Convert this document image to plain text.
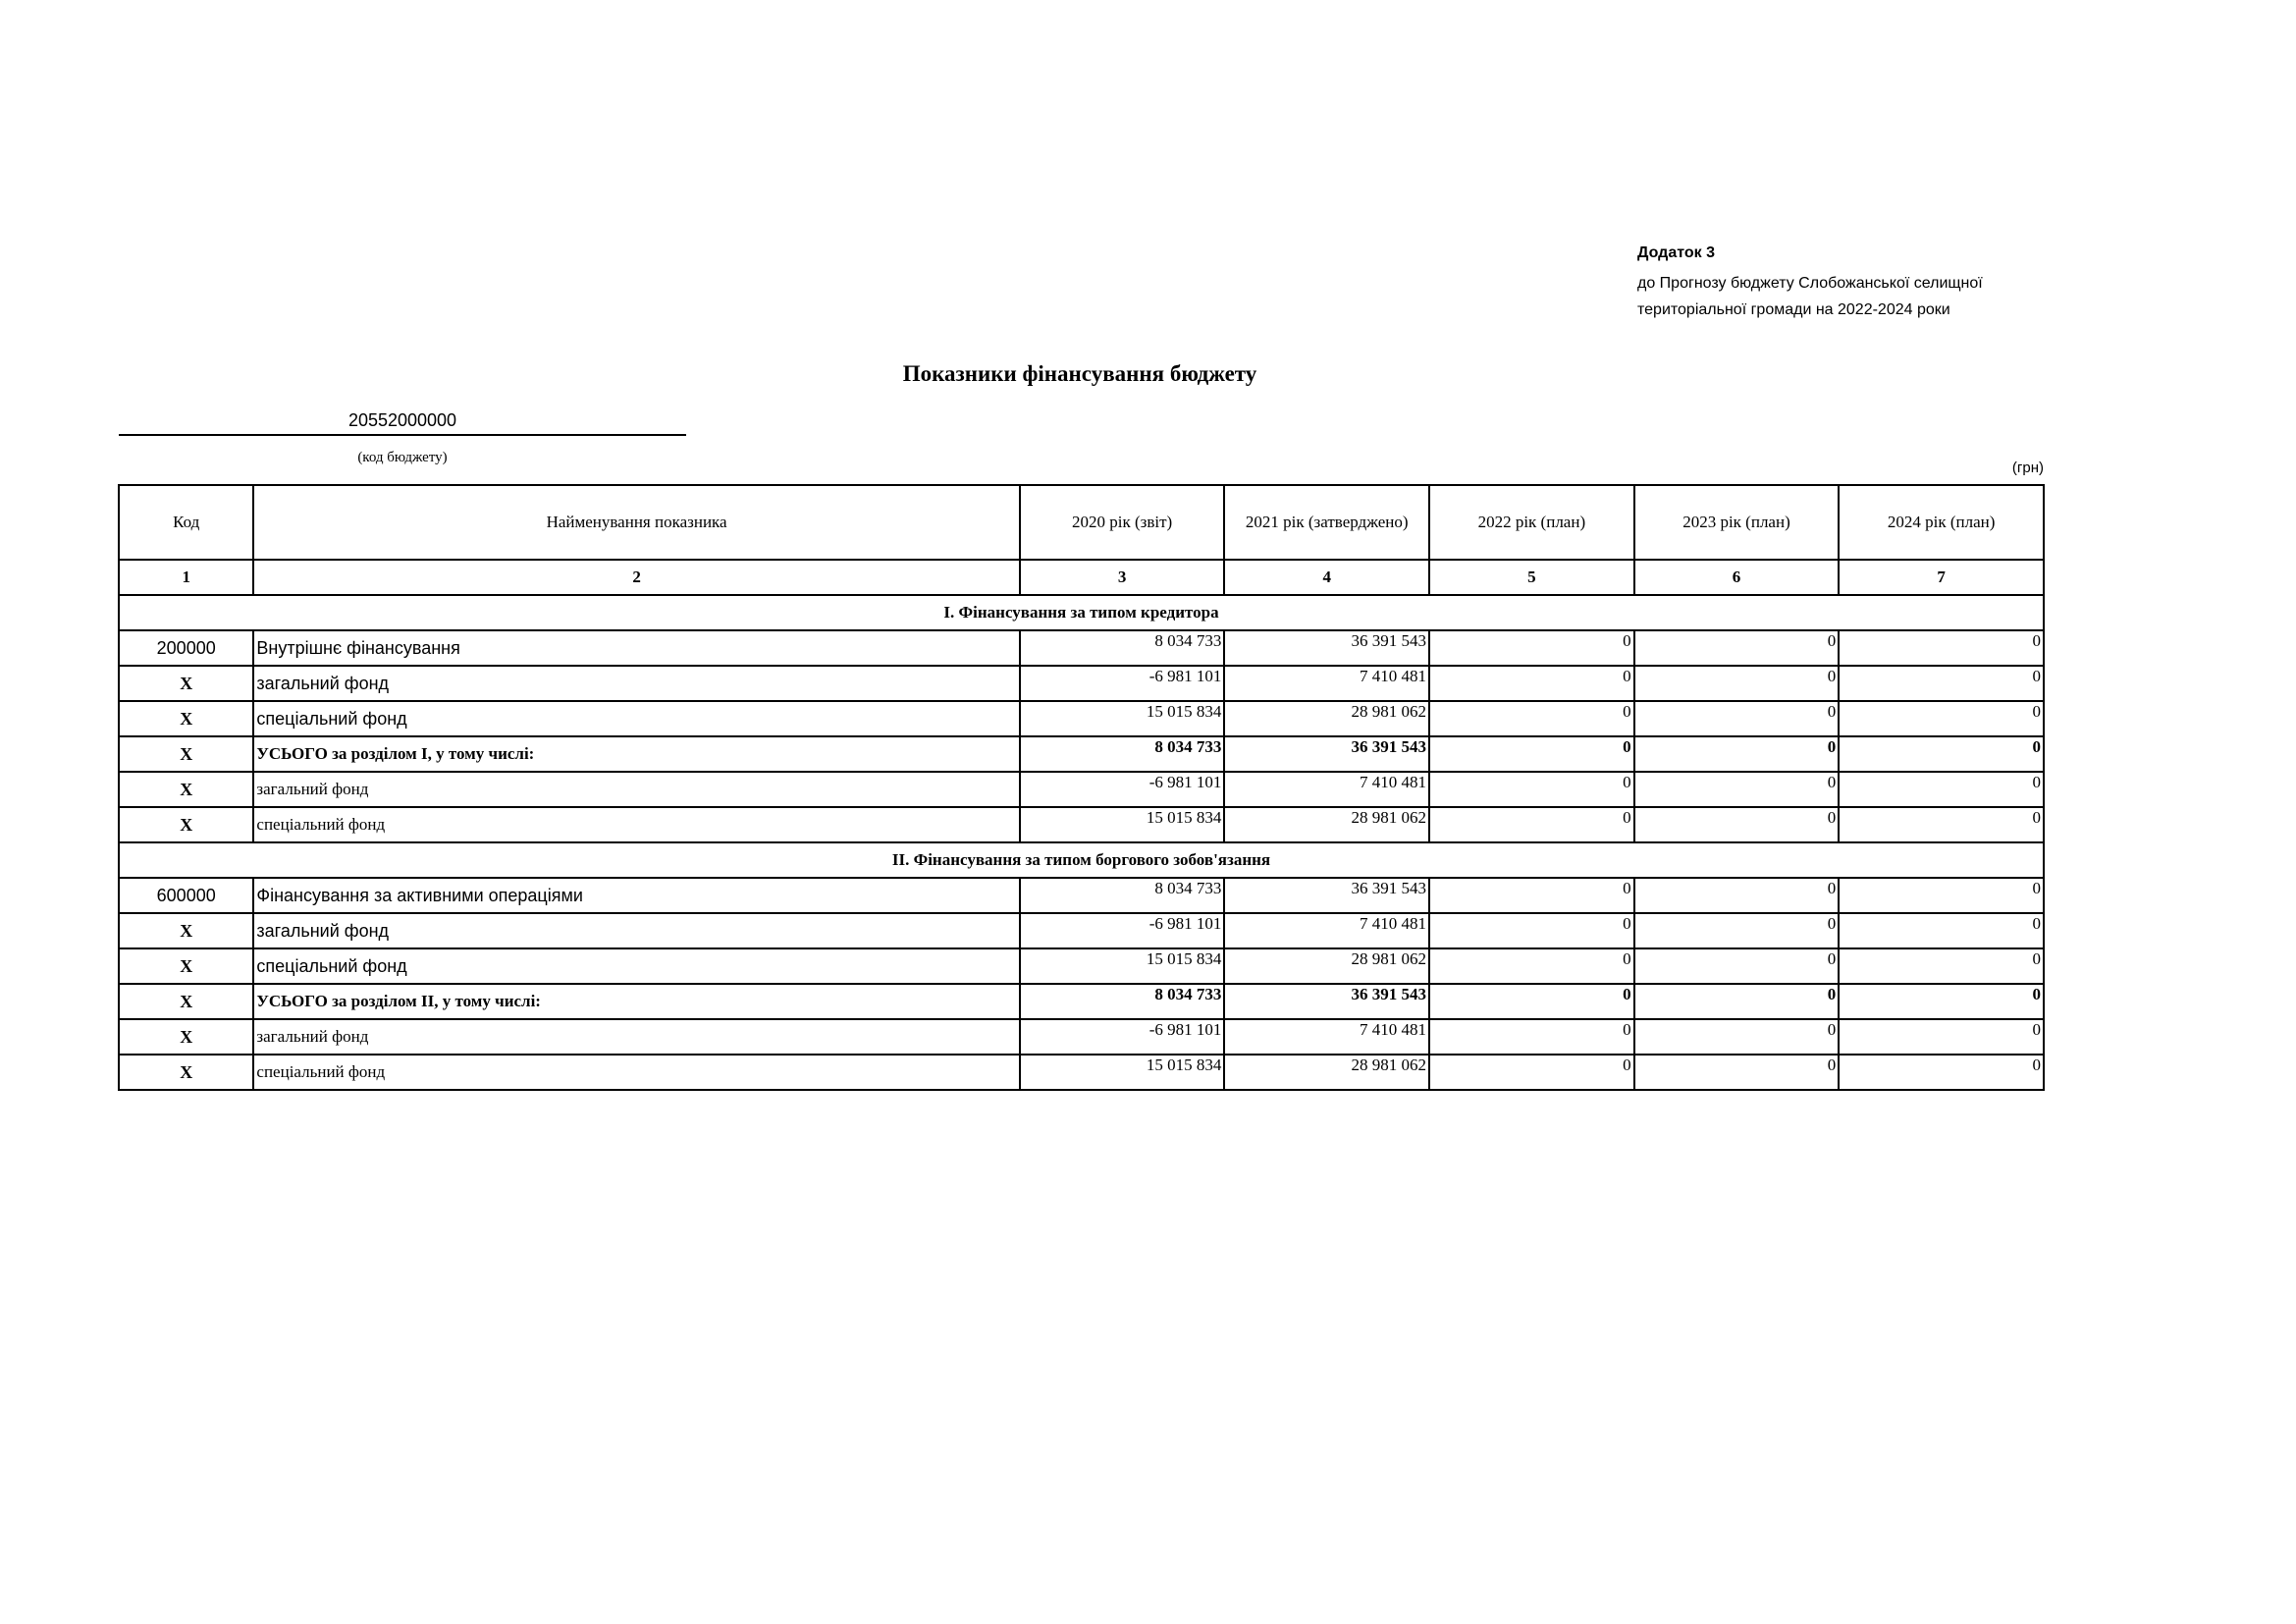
Додаток 3
до Прогнозу бюджету Слобожанської селищної
територіальної громади на 2022-2024 роки
Показники фінансування бюджету
20552000000
(код бюджету)
(грн)
Код	Найменування показника	2020 рік (звіт)	2021 рік (затверджено)	2022 рік (план)	2023 рік (план)	2024 рік (план)
1	2	3	4	5	6	7
I. Фінансування за типом кредитора						
200000	Внутрішнє фінансування	8 034 733	36 391 543	0	0	0
X	загальний фонд	-6 981 101	7 410 481	0	0	0
X	спеціальний фонд	15 015 834	28 981 062	0	0	0
X	УСЬОГО за розділом I, у тому числі:	8 034 733	36 391 543	0	0	0
X	загальний фонд	-6 981 101	7 410 481	0	0	0
X	спеціальний фонд	15 015 834	28 981 062	0	0	0
II. Фінансування за типом боргового зобов'язання						
600000	Фінансування за активними операціями	8 034 733	36 391 543	0	0	0
X	загальний фонд	-6 981 101	7 410 481	0	0	0
X	спеціальний фонд	15 015 834	28 981 062	0	0	0
X	УСЬОГО за розділом II, у тому числі:	8 034 733	36 391 543	0	0	0
X	загальний фонд	-6 981 101	7 410 481	0	0	0
X	спеціальний фонд	15 015 834	28 981 062	0	0	0
